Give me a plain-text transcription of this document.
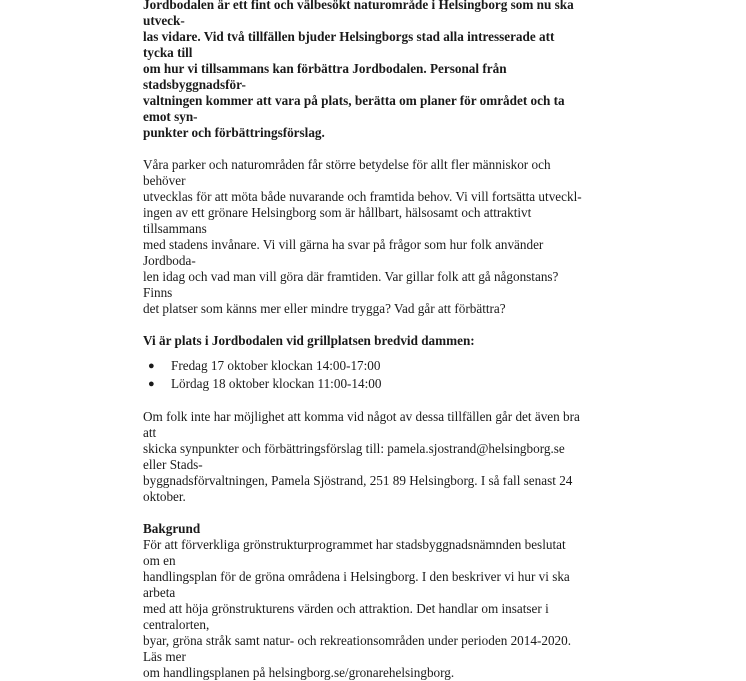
Jordbodalen är ett fint och välbesökt naturområde i Helsingborg som nu ska utveck-
las vidare. Vid två tillfällen bjuder Helsingborgs stad alla intresserade att tycka till
om hur vi tillsammans kan förbättra Jordbodalen. Personal från stadsbyggnadsför-
valtningen kommer att vara på plats, berätta om planer för området och ta emot syn-
punkter och förbättringsförslag.

Våra parker och naturområden får större betydelse för allt fler människor och behöver
utvecklas för att möta både nuvarande och framtida behov. Vi vill fortsätta utveckl-
ingen av ett grönare Helsingborg som är hållbart, hälsosamt och attraktivt tillsammans
med stadens invånare. Vi vill gärna ha svar på frågor som hur folk använder Jordboda-
len idag och vad man vill göra där framtiden. Var gillar folk att gå någonstans? Finns
det platser som känns mer eller mindre trygga? Vad går att förbättra?

Vi är plats i Jordbodalen vid grillplatsen bredvid dammen:

● Fredag 17 oktober klockan 14:00-17:00
● Lördag 18 oktober klockan 11:00-14:00

Om folk inte har möjlighet att komma vid något av dessa tillfällen går det även bra att
skicka synpunkter och förbättringsförslag till: pamela.sjostrand@helsingborg.se eller Stads-
byggnadsförvaltningen, Pamela Sjöstrand, 251 89 Helsingborg. I så fall senast 24 oktober.

Bakgrund

För att förverkliga grönstrukturprogrammet har stadsbyggnadsnämnden beslutat om en
handlingsplan för de gröna områdena i Helsingborg. I den beskriver vi hur vi ska arbeta
med att höja grönstrukturens värden och attraktion. Det handlar om insatser i centralorten,
byar, gröna stråk samt natur- och rekreationsområden under perioden 2014-2020. Läs mer
om handlingsplanen på helsingborg.se/gronarehelsingborg.
